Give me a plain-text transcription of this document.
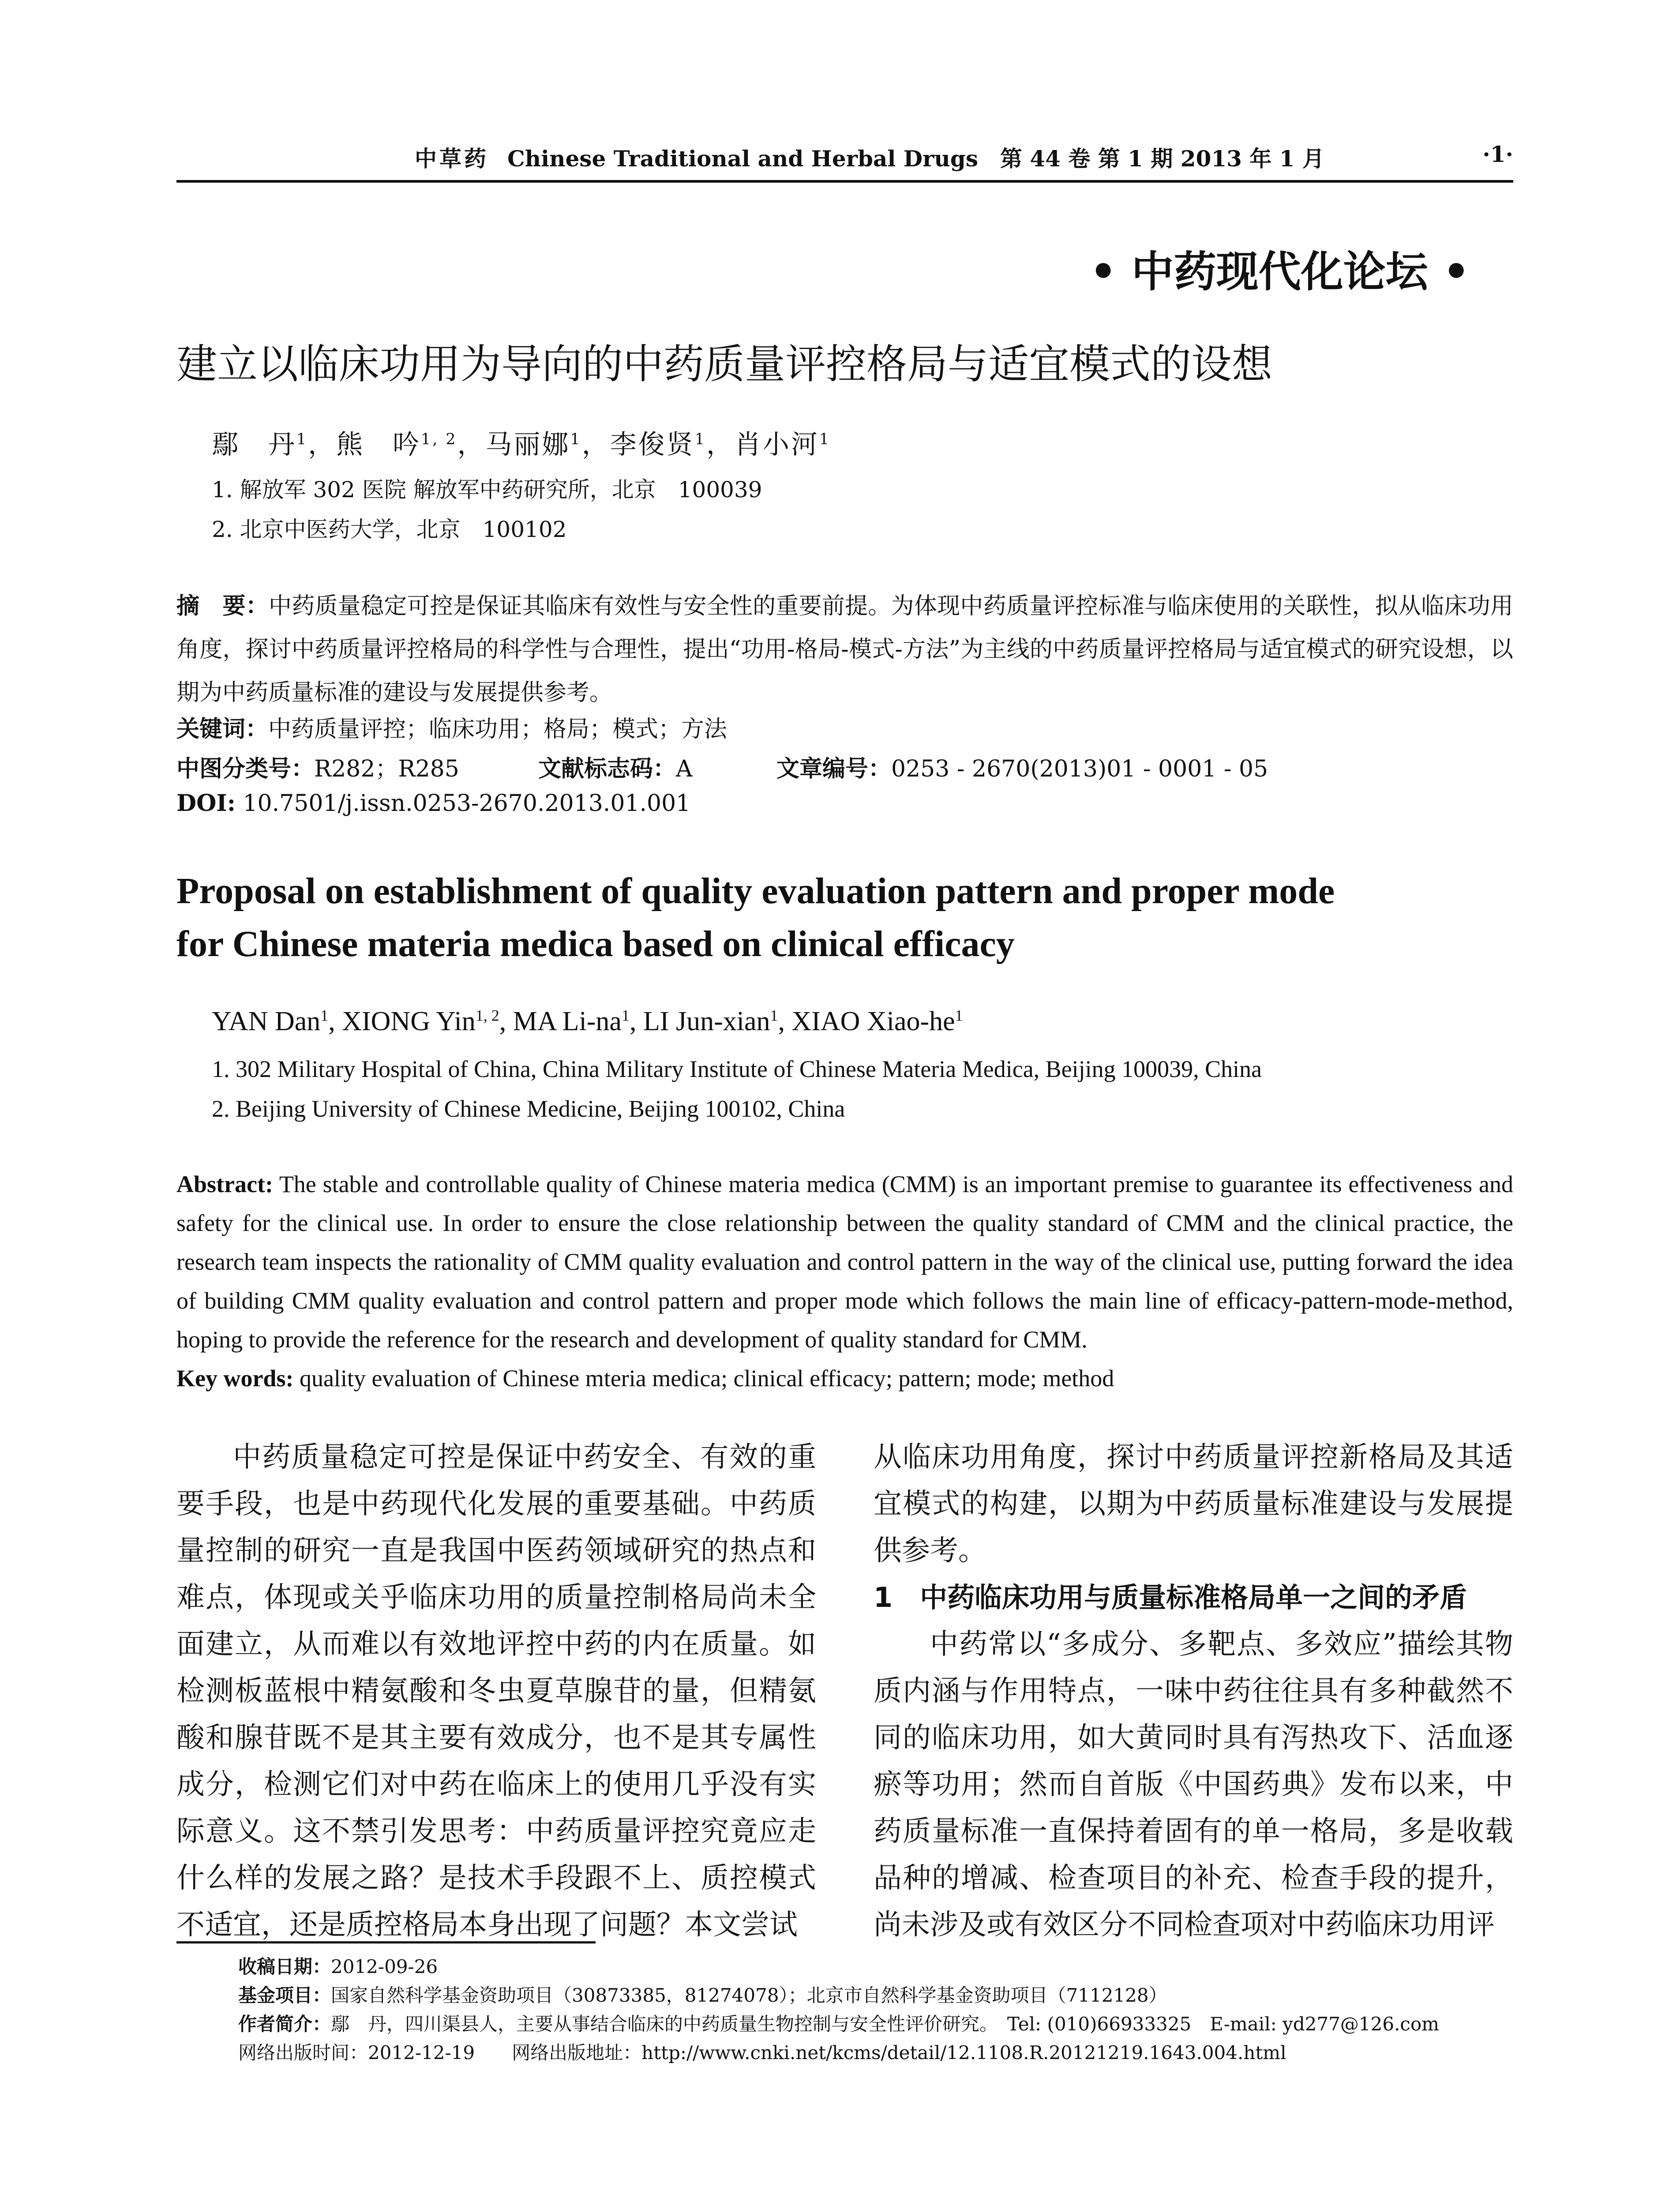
中草药 Chinese Traditional and Herbal Drugs　第 44 卷 第 1 期 2013 年 1 月	·1·
• 中药现代化论坛 •
建立以临床功用为导向的中药质量评控格局与适宜模式的设想
鄢　丹$^1$，熊　吟$^{1, 2}$，马丽娜$^1$，李俊贤$^1$，肖小河$^1$
1. 解放军 302 医院 解放军中药研究所，北京　100039
2. 北京中医药大学，北京　100102
摘　要：中药质量稳定可控是保证其临床有效性与安全性的重要前提。为体现中药质量评控标准与临床使用的关联性，拟从临床功用角度，探讨中药质量评控格局的科学性与合理性，提出“功用-格局-模式-方法”为主线的中药质量评控格局与适宜模式的研究设想，以期为中药质量标准的建设与发展提供参考。
关键词：中药质量评控；临床功用；格局；模式；方法
中图分类号：R282；R285	文献标志码：A	文章编号：0253 - 2670(2013)01 - 0001 - 05
DOI: 10.7501/j.issn.0253-2670.2013.01.001
Proposal on establishment of quality evaluation pattern and proper mode
for Chinese materia medica based on clinical efficacy
YAN Dan$^1$, XIONG Yin$^{1, 2}$, MA $Li-na^1$, LI Jun-xian$^1$, XIAO Xiao-$he^1$
1. 302 Military Hospital of China, China Military Institute of Chinese Materia Medica, Beijing 100039, China
2. Beijing University of Chinese Medicine, Beijing 100102, China
Abstract: The stable and controllable quality of Chinese materia medica (CMM) is an important premise to guarantee its effectiveness and safety for the clinical use. In order to ensure the close relationship between the quality standard of CMM and the clinical practice, the research team inspects the rationality of CMM quality evaluation and control pattern in the way of the clinical use, putting forward the idea of building CMM quality evaluation and control pattern and proper mode which follows the main line of efficacy-pattern-mode-method, hoping to provide the reference for the research and development of quality standard for CMM.
Key words: quality evaluation of Chinese mteria medica; clinical efficacy; pattern; mode; method
中药质量稳定可控是保证中药安全、有效的重要手段，也是中药现代化发展的重要基础。中药质量控制的研究一直是我国中医药领域研究的热点和难点，体现或关乎临床功用的质量控制格局尚未全面建立，从而难以有效地评控中药的内在质量。如检测板蓝根中精氨酸和冬虫夏草腺苷的量，但精氨酸和腺苷既不是其主要有效成分，也不是其专属性成分，检测它们对中药在临床上的使用几乎没有实际意义。这不禁引发思考：中药质量评控究竟应走什么样的发展之路？是技术手段跟不上、质控模式不适宜，还是质控格局本身出现了问题？本文尝试

从临床功用角度，探讨中药质量评控新格局及其适宜模式的构建，以期为中药质量标准建设与发展提供参考。

1　中药临床功用与质量标准格局单一之间的矛盾

中药常以“多成分、多靶点、多效应”描绘其物质内涵与作用特点，一味中药往往具有多种截然不同的临床功用，如大黄同时具有泻热攻下、活血逐瘀等功用；然而自首版《中国药典》发布以来，中药质量标准一直保持着固有的单一格局，多是收载品种的增减、检查项目的补充、检查手段的提升，尚未涉及或有效区分不同检查项对中药临床功用评

收稿日期：2012-09-26
基金项目：国家自然科学基金资助项目（30873385，81274078）；北京市自然科学基金资助项目（7112128）
作者简介：鄢　丹，四川渠县人，主要从事结合临床的中药质量生物控制与安全性评价研究。　Tel: (010)66933325　E-mail: yd277@126.com
网络出版时间：2012-12-19　　网络出版地址：http://www.cnki.net/kcms/detail/12.1108.R.20121219.1643.004.html
